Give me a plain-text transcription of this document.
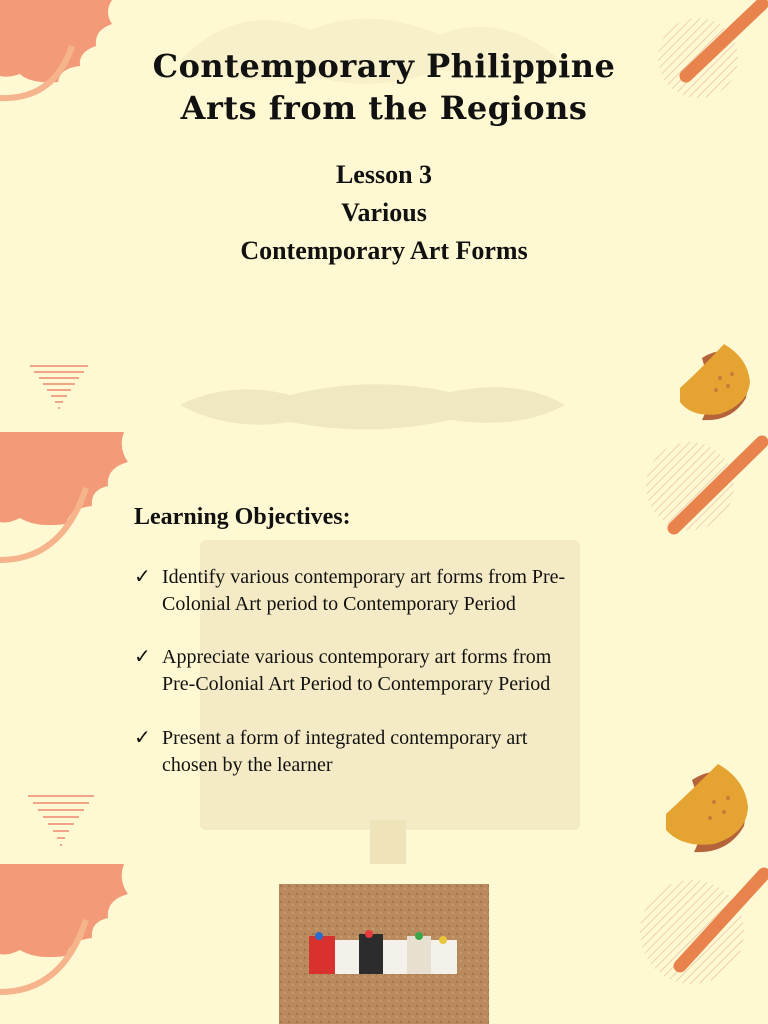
Contemporary Philippine
Arts from the Regions
Lesson 3
Various
Contemporary Art Forms
Learning Objectives:
✓ Identify various contemporary art forms from Pre-
Colonial Art period to Contemporary Period
✓ Appreciate various contemporary art forms from
Pre-Colonial Art Period to Contemporary Period
✓ Present a form of integrated contemporary art
chosen by the learner
